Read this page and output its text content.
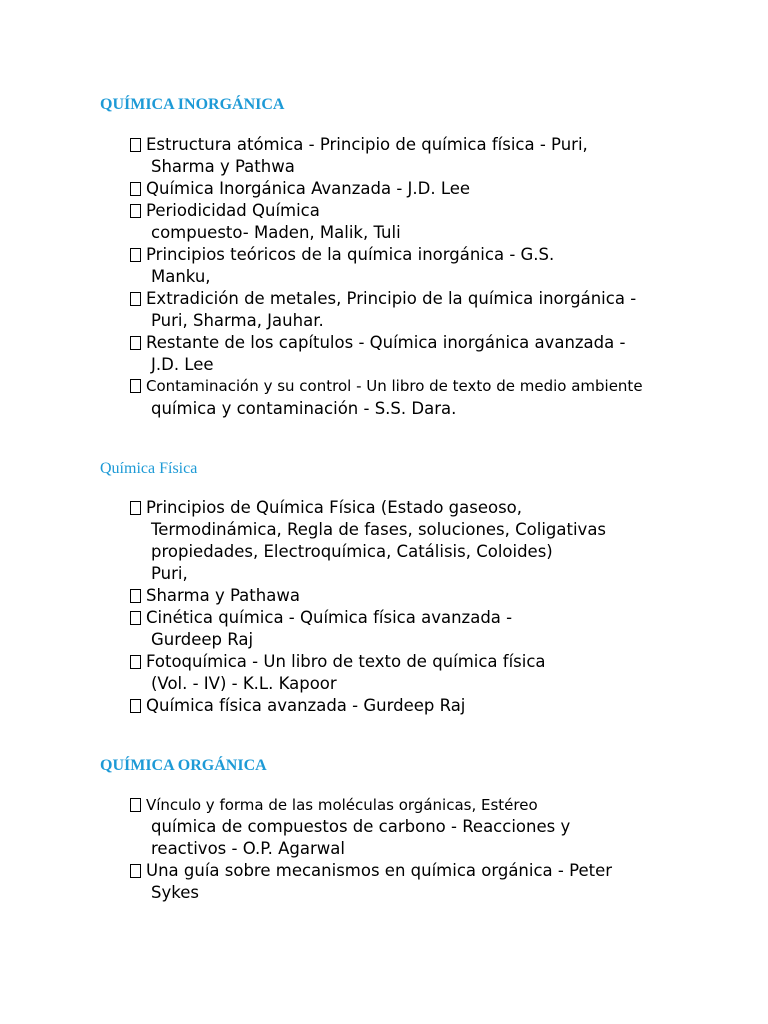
QUÍMICA INORGÁNICA
Estructura atómica - Principio de química física - Puri,
Sharma y Pathwa
Química Inorgánica Avanzada - J.D. Lee
Periodicidad Química
compuesto- Maden, Malik, Tuli
Principios teóricos de la química inorgánica - G.S.
Manku,
Extradición de metales, Principio de la química inorgánica -
Puri, Sharma, Jauhar.
Restante de los capítulos - Química inorgánica avanzada -
J.D. Lee
Contaminación y su control - Un libro de texto de medio ambiente
química y contaminación - S.S. Dara.
Química Física
Principios de Química Física (Estado gaseoso,
Termodinámica, Regla de fases, soluciones, Coligativas
propiedades, Electroquímica, Catálisis, Coloides)
Puri,
Sharma y Pathawa
Cinética química - Química física avanzada -
Gurdeep Raj
Fotoquímica - Un libro de texto de química física
(Vol. - IV) - K.L. Kapoor
Química física avanzada - Gurdeep Raj
QUÍMICA ORGÁNICA
Vínculo y forma de las moléculas orgánicas, Estéreo
química de compuestos de carbono - Reacciones y
reactivos - O.P. Agarwal
Una guía sobre mecanismos en química orgánica - Peter
Sykes
